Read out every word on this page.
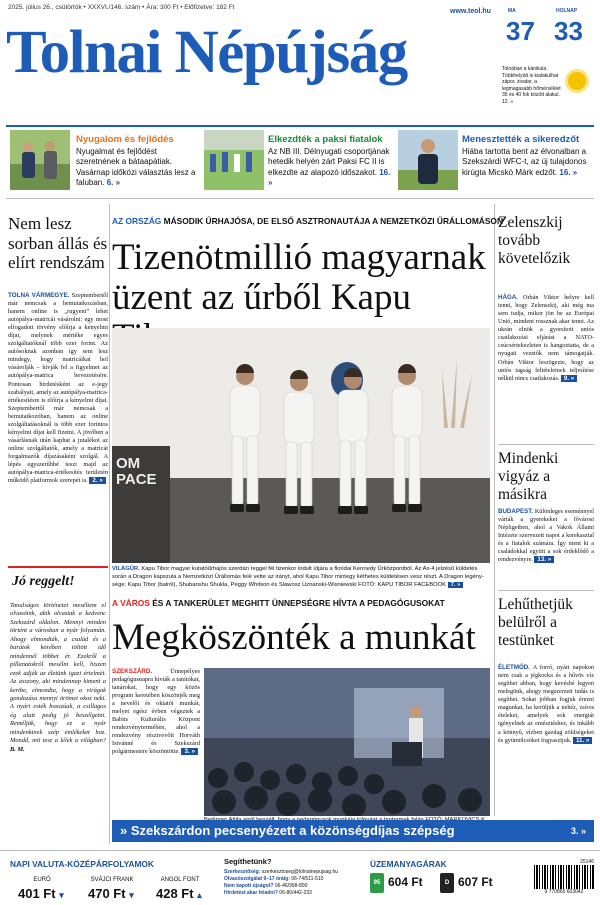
2025. július 26., csütörtök • XXXVI./146. szám • Ára: 300 Ft • Előfizetve: 182 Ft
www.teol.hu
Tolnai Népújság
MA	HOLNAP
37 33
Tolnában a kánikula. Többhelyütt is kialakulhat zápor, zivatar, a legmagasabb hőmérséklet 35 és 40 fok között alakul. 12. »
Nyugalom és fejlődés
Nyugalmat és fejlődést szeretnének a bátaapátiak. Vasárnap időközi választás lesz a faluban. 6. »
Elkezdték a paksi fiatalok
Az NB III. Délnyugati csoportjának hetedik helyén zárt Paksi FC II is elkezdte az alapozó időszakot. 16. »
Menesztették a sikeredzőt
Hiába tartotta bent az élvonalban a Szekszárdi WFC-t, az új tulajdonos kirúgta Micskó Márk edzőt. 16. »
Nem lesz sorban állás és elírt rendszám
TOLNA VÁRMEGYE. Szeptembertől már nemcsak a bemutatkozásban, hanem online is „rugyeni” lehet autópálya-matricát vásárolni: egy most elfogadott törvény előírja a kényelmi díjat, melynek mértéke egyes szolgáltatóknál több ezer forint. Az autósoknak azonban így sem lesz mindegy, hogy matricáikat hol vásárolják – hívják fel a figyelmet az autópálya-matrica bevezetésére. Pontosan hirdetésként az e-jegy szabályait, amely az autópálya-matrica-értékesítésre is előírja a kényelmi díjat. Szeptembertől már nemcsak a bemutatkozóban, hanem az online szolgáltatásoknál is több ezer forintos kényelmi díjat kell fizetni. A jövőben a vásárlásnak után kaphat a jutalékot az online szolgáltatók, amely a matricát forgalmazók díjazásaként szolgál. A lépés egyszerűbbé teszi majd az autópálya-matrica-értékesítés területén működő platformok szerepét is. 2. »
Jó reggelt!
Tanulságos történetet meséltem el olvasóink, akik olvastak a kedvenc Szekszárd oldalon. Mennyi minden történt a városban a nyár folyamán. Ahogy elmondták, a család és a barátok körében töltött idő mindennél többet ér. Ezekről a pillanatokról mesélni kell, hiszen ezek adják az életünk igazi értelmét. Az asszony, aki mindennap kiment a kertbe, elmondta, hogy a virágok gondozása mennyi örömet okoz neki. A nyári esték hosszúak, a csillagos ég alatt pedig jó beszélgetni. Reméljük, hogy ez a nyár mindenkinek szép emlékeket hoz. Mondd, mit tesz a lélek a világban? B. M.
AZ ORSZÁG MÁSODIK ŰRHAJÓSA, DE ELSŐ ASZTRONAUTÁJA A NEMZETKÖZI ŰRÁLLOMÁSON
Tizenötmillió magyarnak üzent az űrből Kapu
OM
PACE
VILÁGŰR. Kapu Tibor magyar kutatóűrhajós szerdán reggel fél tizenkor indult útjára a floridai Kennedy Űrközpontból. Az Ax-4 jelzésű küldetés során a Dragon kapszula a Nemzetközi Űrállomás felé vette az irányt, ahol Kapu Tibor mintegy kéthetes küldetésen vesz részt. A Dragon legény-sége: Kapu Tibor (balról), Shubanshu Shukla, Peggy Whitson és Slawosz Uznanski-Wisniewski FOTÓ: KAPU TIBOR FACEBOOK 7. »
A VÁROS ÉS A TANKERÜLET MEGHITT ÜNNEPSÉGRE HÍVTA A PEDAGÓGUSOKAT
Megköszönték a munkát
SZEKSZÁRD.	Ünnepélyes pedagógusnapra hívták a tanítókat, tanárokat, hogy egy közös program keretében köszönjék meg a nevelői és oktatói munkát, melyet egész évben végeztek a Babits Kulturális Központ rendezvénytermében, ahol a rendezvény résztvevőit Horváth Istvánné és Szekszárd polgármestere köszöntötte. 3. »
Zelenszkij tovább követelőzik
HÁGA. Orbán Viktor helyre kell tenni, hogy Zelenszkij, aki még ma sem tudja, mikor jön be az Európai Unió, mindent rossznak akar tenni. Az ukrán elnök a gyorsított uniós csatlakozási eljárást a NATO-csúcsértekezleten is hangoztatta, de a nyugati vezetők nem támogatják. Orbán Viktor leszögezte, hogy az uniós tagság feltételeinek teljesítése nélkül nincs csatlakozás. 9. »
Mindenki vigyáz a másikra
BUDAPEST. Különleges eseménnyel várták a gyerekeket a fővárosi Népligetben, ahol a Vakok Állami Intézete szervezett napot a kerekasztal és a fiatalok számára. Így ment ki a családokkal együtt a sok érdeklődő a rendezvényre. 13. »
Lehűthetjük belülről a testünket
ÉLETMÓD. A forró, nyári napokon nem csak a jégkocka és a hűvös víz segíthet abban, hogy kevésbé legyen melegünk, ahogy megszerzett tudás is segíthet. Sokat jobban fogjuk érezni magunkat, ha kerüljük a nehéz, zsíros ételeket, amelyek sok energiát igényelnek az emésztéshez, és inkább a könnyű, vízben gazdag zöldségeket és gyümölcsöket fogyasztjuk. 11. »
» Szekszárdon pecsenyézett a közönségdíjas szépség	3. »
NAPI VALUTA-KÖZÉPÁRFOLYAMOK
EURÓ
401 Ft ▾
SVÁJCI FRANK
470 Ft ▾
ANGOL FONT
428 Ft ▴
Segíthetünk?
Szerkesztőség: szerkesztoseg@tolnainepujsag.hu
Olvasószolgálat 9–17 óráig: 06-74/511-510
Nem kapott újságot? 06-46/998-800
Hirdetést akar feladni? 06-80/442-233
ÜZEMANYAGÁRAK
95 604 Ft	D 607 Ft
25146
9 770865 603042
